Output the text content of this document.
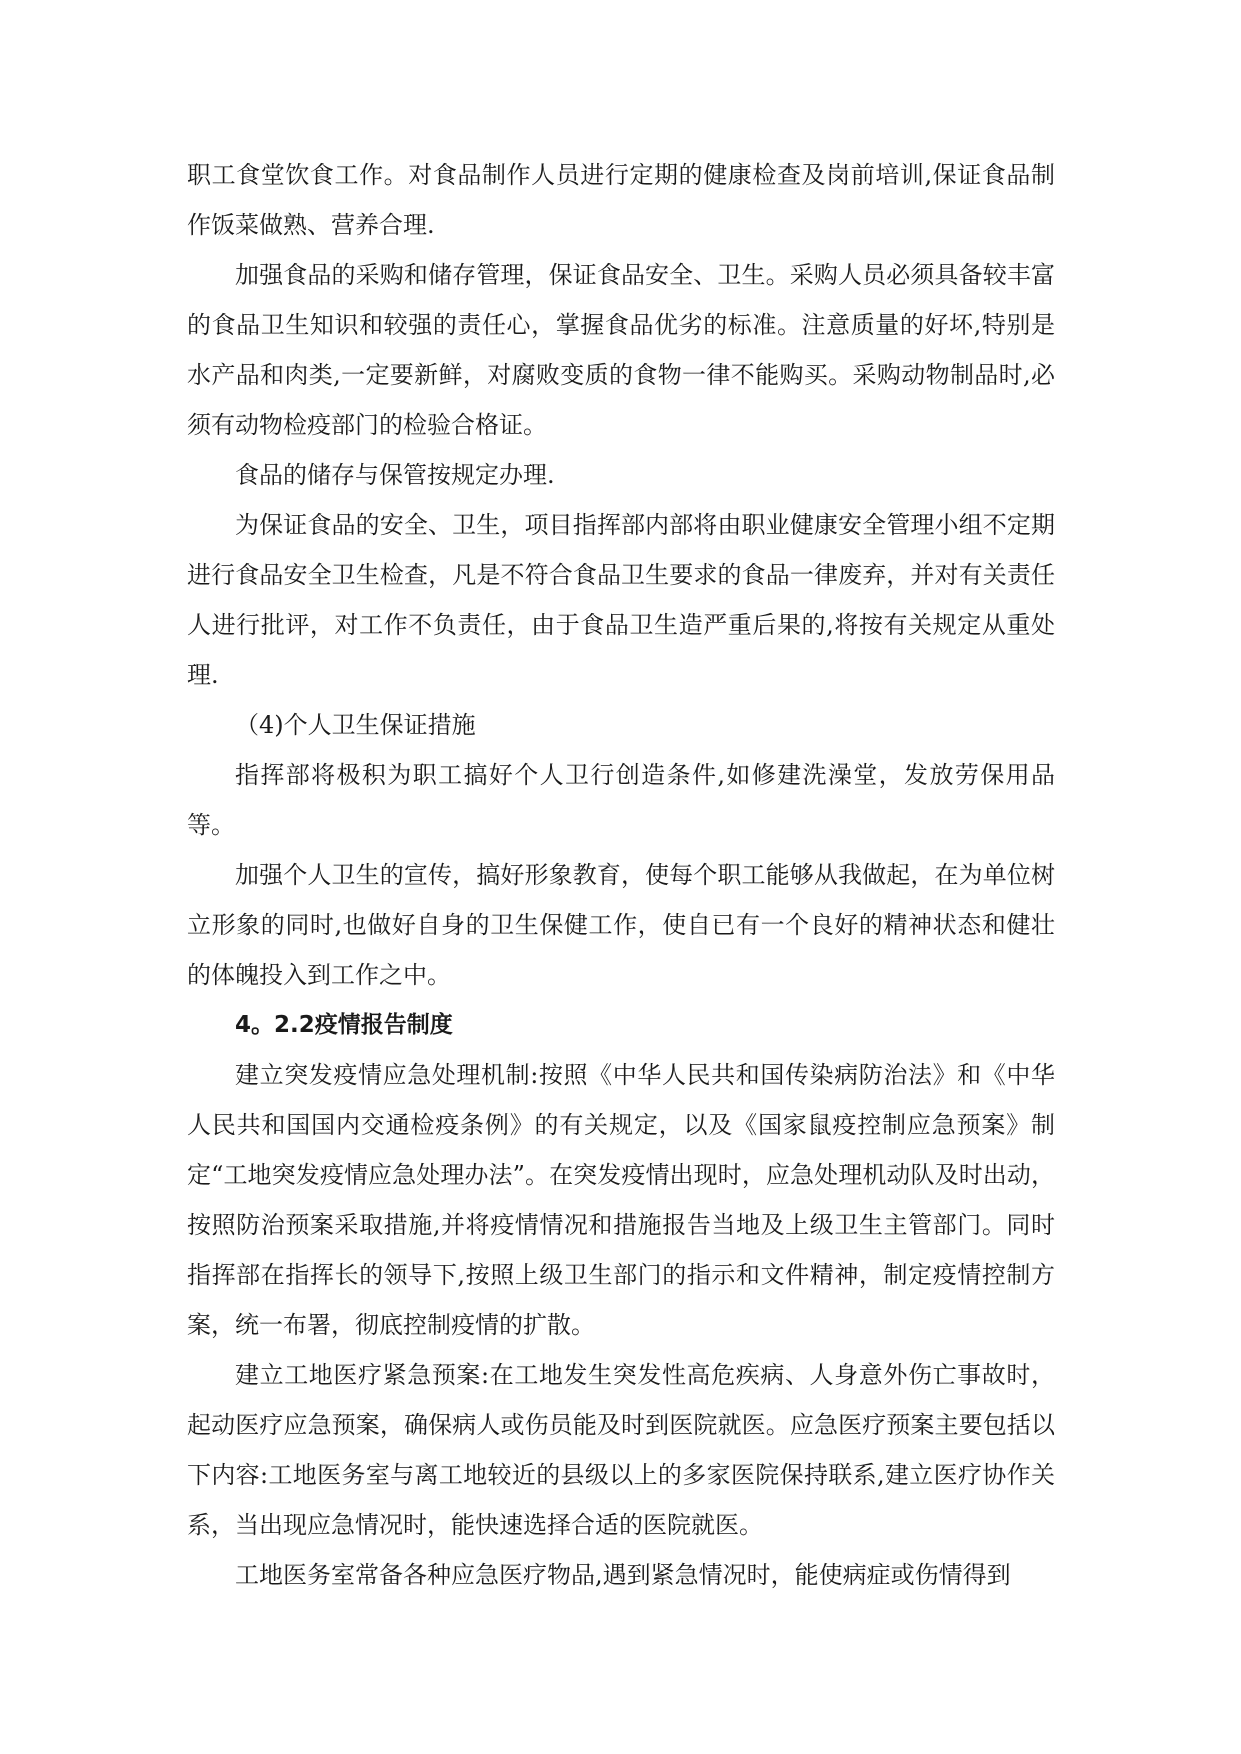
职工食堂饮食工作。对食品制作人员进行定期的健康检查及岗前培训,保证食品制作饭菜做熟、营养合理.

加强食品的采购和储存管理，保证食品安全、卫生。采购人员必须具备较丰富的食品卫生知识和较强的责任心，掌握食品优劣的标准。注意质量的好坏,特别是水产品和肉类,一定要新鲜，对腐败变质的食物一律不能购买。采购动物制品时,必须有动物检疫部门的检验合格证。

食品的储存与保管按规定办理.

为保证食品的安全、卫生，项目指挥部内部将由职业健康安全管理小组不定期进行食品安全卫生检查，凡是不符合食品卫生要求的食品一律废弃，并对有关责任人进行批评，对工作不负责任，由于食品卫生造严重后果的,将按有关规定从重处理.

（4)个人卫生保证措施

指挥部将极积为职工搞好个人卫行创造条件,如修建洗澡堂，发放劳保用品等。

加强个人卫生的宣传，搞好形象教育，使每个职工能够从我做起，在为单位树立形象的同时,也做好自身的卫生保健工作，使自已有一个良好的精神状态和健壮的体魄投入到工作之中。

4。2.2疫情报告制度

建立突发疫情应急处理机制:按照《中华人民共和国传染病防治法》和《中华人民共和国国内交通检疫条例》的有关规定，以及《国家鼠疫控制应急预案》制定“工地突发疫情应急处理办法”。在突发疫情出现时，应急处理机动队及时出动，按照防治预案采取措施,并将疫情情况和措施报告当地及上级卫生主管部门。同时指挥部在指挥长的领导下,按照上级卫生部门的指示和文件精神，制定疫情控制方案，统一布署，彻底控制疫情的扩散。

建立工地医疗紧急预案:在工地发生突发性高危疾病、人身意外伤亡事故时，起动医疗应急预案，确保病人或伤员能及时到医院就医。应急医疗预案主要包括以下内容:工地医务室与离工地较近的县级以上的多家医院保持联系,建立医疗协作关系，当出现应急情况时，能快速选择合适的医院就医。

工地医务室常备各种应急医疗物品,遇到紧急情况时，能使病症或伤情得到
